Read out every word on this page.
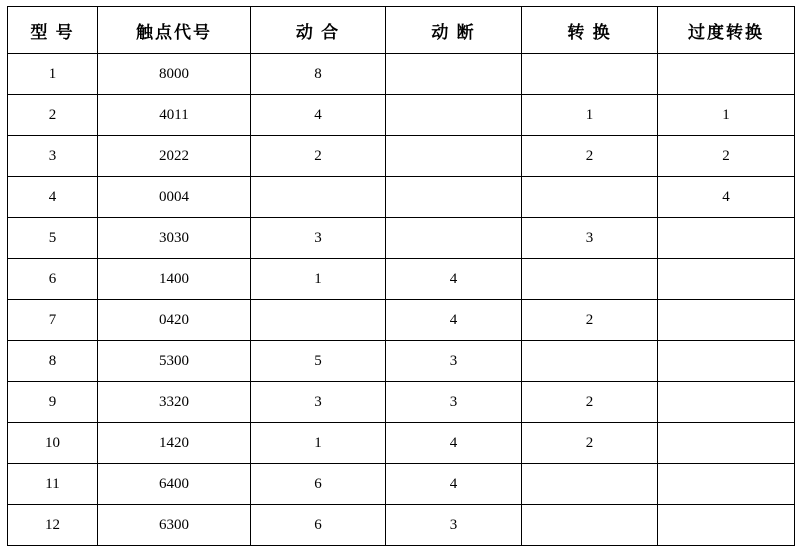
型 号	触点代号	动 合	动 断	转 换	过度转换
1	8000	8			
2	4011	4		1	1
3	2022	2		2	2
4	0004				4
5	3030	3		3	
6	1400	1	4		
7	0420		4	2	
8	5300	5	3		
9	3320	3	3	2	
10	1420	1	4	2	
11	6400	6	4		
12	6300	6	3		
